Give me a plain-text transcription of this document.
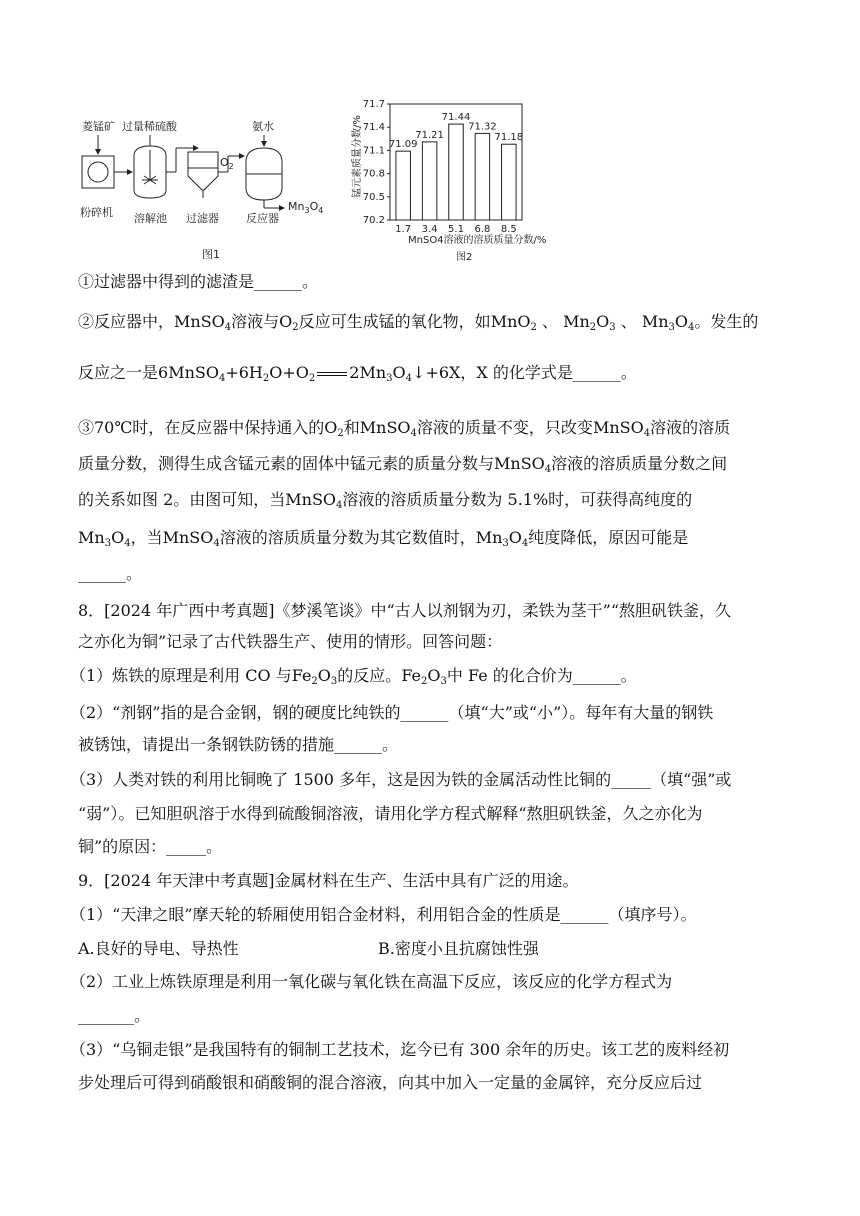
菱锰矿 过量稀硫酸	氨水
$O_2$
$Mn_3O_4$
粉碎机 溶解池 过滤器 反应器
图1
锰元素质量分数/%
MnSO4溶液的溶质质量分数/%
图2
71.7
71.4
71.1
70.8
70.5
70.2
71.09
1.7
71.21
3.4
71.44
5.1
71.32
6.8
71.18
8.5
①过滤器中得到的滤渣是______。
②反应器中，MnSO$_4$溶液与$O_2$反应可生成锰的氧化物，如MnO$_2$ 、 $Mn_2O_3$ 、 $Mn_3O_4$。发生的
反应之一是$6MnSO_4+6H_2O+O_2$ $2Mn_3O_4↓+6X$，X 的化学式是______。
③70℃时，在反应器中保持通入的$O_2$和MnSO$_4$溶液的质量不变，只改变MnSO$_4$溶液的溶质
质量分数，测得生成含锰元素的固体中锰元素的质量分数与MnSO$_4$溶液的溶质质量分数之间
的关系如图 2。由图可知，当MnSO$_4$溶液的溶质质量分数为 5.1%时，可获得高纯度的
$Mn_3O_4$，当MnSO$_4$溶液的溶质质量分数为其它数值时，$Mn_3O_4$纯度降低，原因可能是
______。
8．[2024 年广西中考真题]《梦溪笔谈》中“古人以剂钢为刃，柔铁为茎干”“熬胆矾铁釜，久
之亦化为铜”记录了古代铁器生产、使用的情形。回答问题：
（1）炼铁的原理是利用 CO 与$Fe_2O_3$的反应。$Fe_2O_3$中 Fe 的化合价为______。
（2）“剂钢”指的是合金钢，钢的硬度比纯铁的______（填“大”或“小”）。每年有大量的钢铁
被锈蚀，请提出一条钢铁防锈的措施______。
（3）人类对铁的利用比铜晚了 1500 多年，这是因为铁的金属活动性比铜的_____（填“强”或
“弱”）。已知胆矾溶于水得到硫酸铜溶液，请用化学方程式解释“熬胆矾铁釜，久之亦化为
铜”的原因：_____。
9．[2024 年天津中考真题]金属材料在生产、生活中具有广泛的用途。
（1）“天津之眼”摩天轮的轿厢使用铝合金材料，利用铝合金的性质是______（填序号）。
A.良好的导电、导热性	B.密度小且抗腐蚀性强
（2）工业上炼铁原理是利用一氧化碳与氧化铁在高温下反应，该反应的化学方程式为
_______。
（3）“乌铜走银”是我国特有的铜制工艺技术，迄今已有 300 余年的历史。该工艺的废料经初
步处理后可得到硝酸银和硝酸铜的混合溶液，向其中加入一定量的金属锌，充分反应后过
